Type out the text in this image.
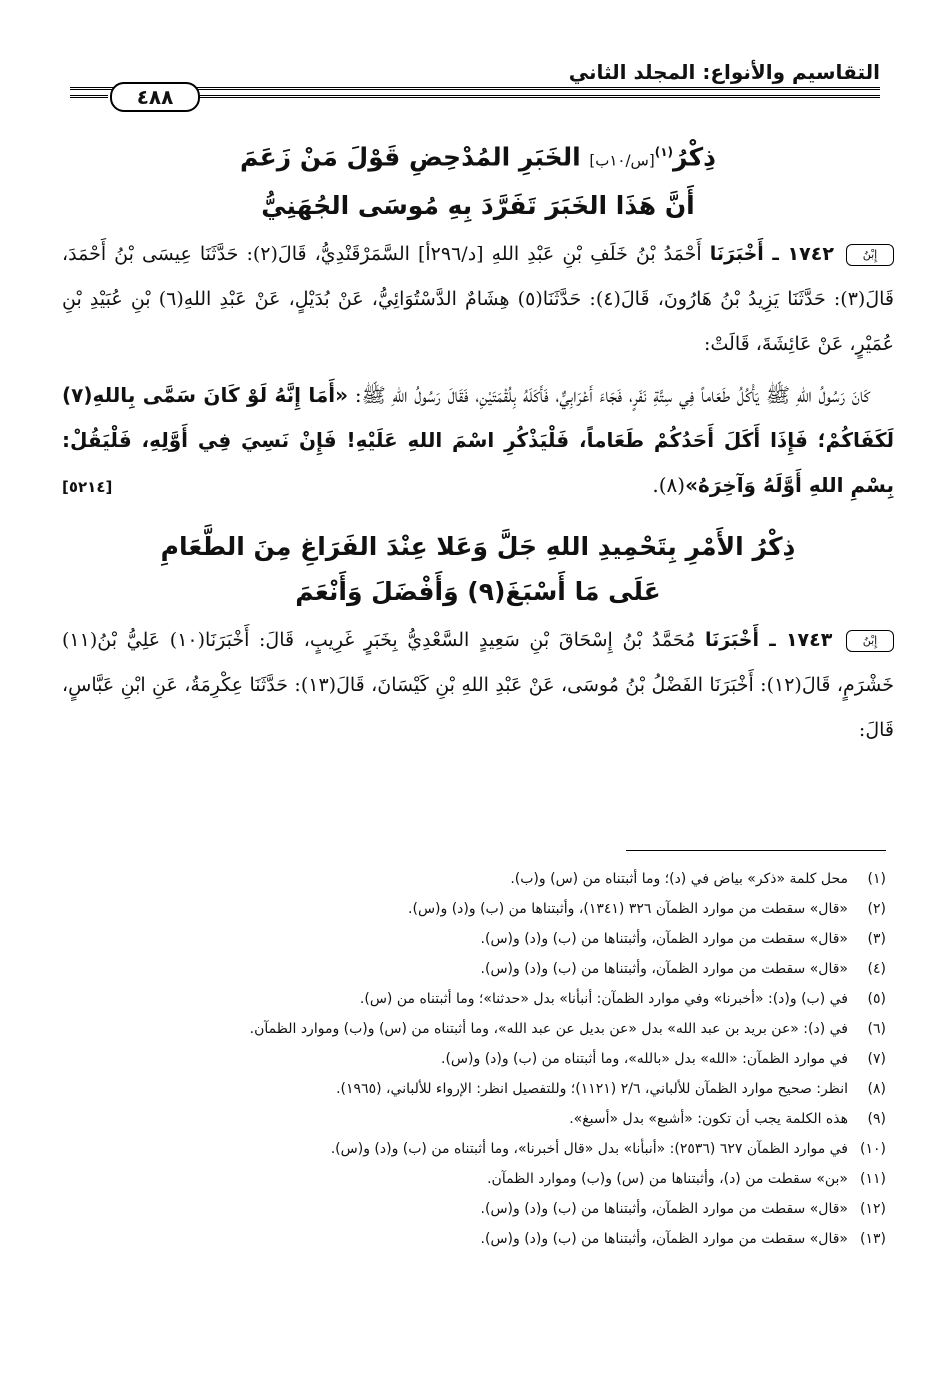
التقاسيم والأنواع: المجلد الثاني
٤٨٨
ذِكْرُ$^{(١)}$[س/١٠ب] الخَبَرِ المُدْحِضِ قَوْلَ مَنْ زَعَمَ
أَنَّ هَذَا الخَبَرَ تَفَرَّدَ بِهِ مُوسَى الجُهَنِيُّ

إِبْنُ ١٧٤٢ ـ أَخْبَرَنَا أَحْمَدُ بْنُ خَلَفِ بْنِ عَبْدِ اللهِ [د/٢٩٦أ] السَّمَرْقَنْدِيُّ، قَالَ(٢): حَدَّثَنَا عِيسَى بْنُ أَحْمَدَ، قَالَ(٣): حَدَّثَنَا يَزِيدُ بْنُ هَارُونَ، قَالَ(٤): حَدَّثَنَا(٥) هِشَامٌ الدَّسْتُوَائِيُّ، عَنْ بُدَيْلٍ، عَنْ عَبْدِ اللهِ(٦) بْنِ عُبَيْدِ بْنِ عُمَيْرٍ، عَنْ عَائِشَةَ، قَالَتْ:

كَانَ رَسُولُ اللهِ ﷺ يَأْكُلُ طَعَاماً فِي سِتَّةِ نَفَرٍ، فَجَاءَ أَعْرَابِيٌّ، فَأَكَلَهُ بِلُقْمَتَيْنِ، فَقَالَ رَسُولُ اللهِ ﷺ: «أَمَا إِنَّهُ لَوْ كَانَ سَمَّى بِاللهِ(٧) لَكَفَاكُمْ؛ فَإِذَا أَكَلَ أَحَدُكُمْ طَعَاماً، فَلْيَذْكُرِ اسْمَ اللهِ عَلَيْهِ! فَإِنْ نَسِيَ فِي أَوَّلِهِ، فَلْيَقُلْ: بِسْمِ اللهِ أَوَّلَهُ وَآخِرَهُ»(٨).

[٥٢١٤]
ذِكْرُ الأَمْرِ بِتَحْمِيدِ اللهِ جَلَّ وَعَلا عِنْدَ الفَرَاغِ مِنَ الطَّعَامِ
عَلَى مَا أَسْبَغَ(٩) وَأَفْضَلَ وَأَنْعَمَ

إِبْنُ ١٧٤٣ ـ أَخْبَرَنَا مُحَمَّدُ بْنُ إِسْحَاقَ بْنِ سَعِيدٍ السَّعْدِيُّ بِخَبَرٍ غَرِيبٍ، قَالَ: أَخْبَرَنَا(١٠) عَلِيُّ بْنُ(١١) خَشْرَمٍ، قَالَ(١٢): أَخْبَرَنَا الفَضْلُ بْنُ مُوسَى، عَنْ عَبْدِ اللهِ بْنِ كَيْسَانَ، قَالَ(١٣): حَدَّثَنَا عِكْرِمَةُ، عَنِ ابْنِ عَبَّاسٍ، قَالَ:

(١)
محل كلمة «ذكر» بياض في (د)؛ وما أثبتناه من (س) و(ب).
(٢)
«قال» سقطت من موارد الظمآن ٣٢٦ (١٣٤١)، وأثبتناها من (ب) و(د) و(س).
(٣)
«قال» سقطت من موارد الظمآن، وأثبتناها من (ب) و(د) و(س).
(٤)
«قال» سقطت من موارد الظمآن، وأثبتناها من (ب) و(د) و(س).
(٥)
في (ب) و(د): «أخبرنا» وفي موارد الظمآن: أنبأنا» بدل «حدثنا»؛ وما أثبتناه من (س).
(٦)
في (د): «عن بريد بن عبد الله» بدل «عن بديل عن عبد الله»، وما أثبتناه من (س) و(ب) وموارد الظمآن.
(٧)
في موارد الظمآن: «الله» بدل «بالله»، وما أثبتناه من (ب) و(د) و(س).
(٨)
انظر: صحيح موارد الظمآن للألباني، ٢/٦ (١١٢١)؛ وللتفصيل انظر: الإرواء للألباني، (١٩٦٥).
(٩)
هذه الكلمة يجب أن تكون: «أشبع» بدل «أسبغ».
(١٠)
في موارد الظمآن ٦٢٧ (٢٥٣٦): «أنبأنا» بدل «قال أخبرنا»، وما أثبتناه من (ب) و(د) و(س).
(١١)
«بن» سقطت من (د)، وأثبتناها من (س) و(ب) وموارد الظمآن.
(١٢)
«قال» سقطت من موارد الظمآن، وأثبتناها من (ب) و(د) و(س).
(١٣)
«قال» سقطت من موارد الظمآن، وأثبتناها من (ب) و(د) و(س).
